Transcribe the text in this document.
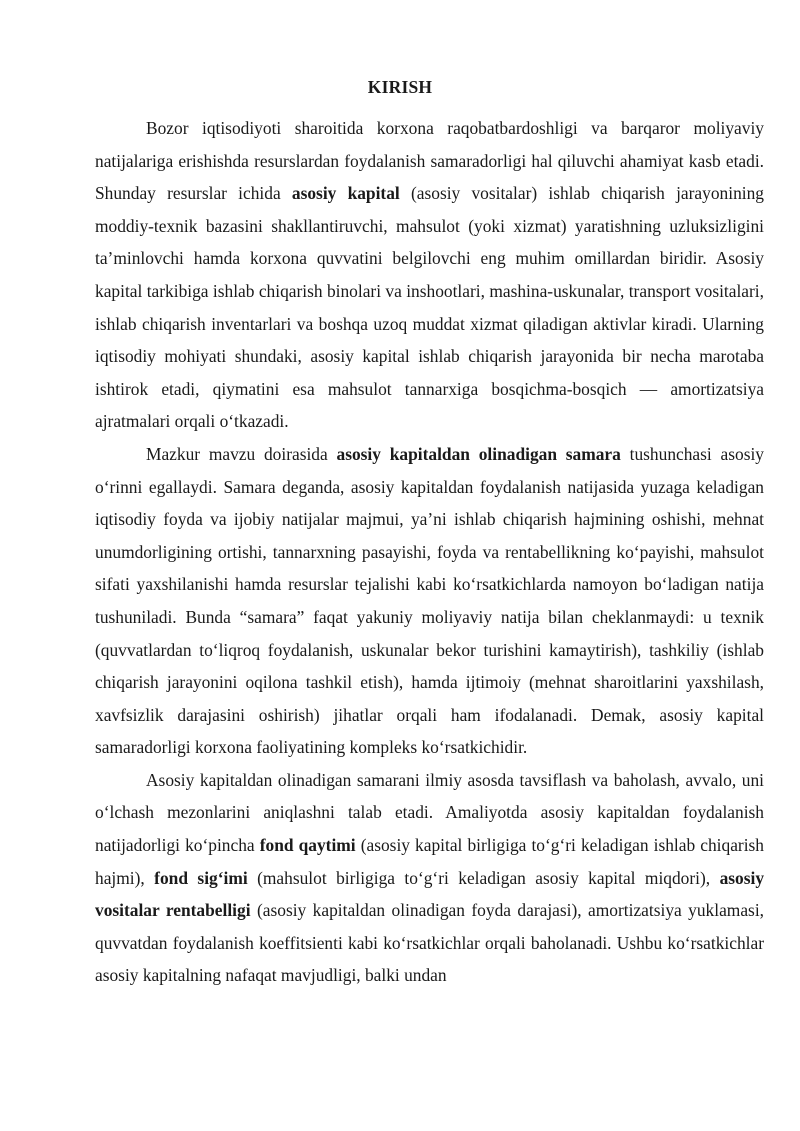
KIRISH

Bozor iqtisodiyoti sharoitida korxona raqobatbardoshligi va barqaror moliyaviy natijalariga erishishda resurslardan foydalanish samaradorligi hal qiluvchi ahamiyat kasb etadi. Shunday resurslar ichida asosiy kapital (asosiy vositalar) ishlab chiqarish jarayonining moddiy-texnik bazasini shakllantiruvchi, mahsulot (yoki xizmat) yaratishning uzluksizligini ta’minlovchi hamda korxona quvvatini belgilovchi eng muhim omillardan biridir. Asosiy kapital tarkibiga ishlab chiqarish binolari va inshootlari, mashina-uskunalar, transport vositalari, ishlab chiqarish inventarlari va boshqa uzoq muddat xizmat qiladigan aktivlar kiradi. Ularning iqtisodiy mohiyati shundaki, asosiy kapital ishlab chiqarish jarayonida bir necha marotaba ishtirok etadi, qiymatini esa mahsulot tannarxiga bosqichma-bosqich — amortizatsiya ajratmalari orqali o‘tkazadi.

Mazkur mavzu doirasida asosiy kapitaldan olinadigan samara tushunchasi asosiy o‘rinni egallaydi. Samara deganda, asosiy kapitaldan foydalanish natijasida yuzaga keladigan iqtisodiy foyda va ijobiy natijalar majmui, ya’ni ishlab chiqarish hajmining oshishi, mehnat unumdorligining ortishi, tannarxning pasayishi, foyda va rentabellikning ko‘payishi, mahsulot sifati yaxshilanishi hamda resurslar tejalishi kabi ko‘rsatkichlarda namoyon bo‘ladigan natija tushuniladi. Bunda “samara” faqat yakuniy moliyaviy natija bilan cheklanmaydi: u texnik (quvvatlardan to‘liqroq foydalanish, uskunalar bekor turishini kamaytirish), tashkiliy (ishlab chiqarish jarayonini oqilona tashkil etish), hamda ijtimoiy (mehnat sharoitlarini yaxshilash, xavfsizlik darajasini oshirish) jihatlar orqali ham ifodalanadi. Demak, asosiy kapital samaradorligi korxona faoliyatining kompleks ko‘rsatkichidir.

Asosiy kapitaldan olinadigan samarani ilmiy asosda tavsiflash va baholash, avvalo, uni o‘lchash mezonlarini aniqlashni talab etadi. Amaliyotda asosiy kapitaldan foydalanish natijadorligi ko‘pincha fond qaytimi (asosiy kapital birligiga to‘g‘ri keladigan ishlab chiqarish hajmi), fond sig‘imi (mahsulot birligiga to‘g‘ri keladigan asosiy kapital miqdori), asosiy vositalar rentabelligi (asosiy kapitaldan olinadigan foyda darajasi), amortizatsiya yuklamasi, quvvatdan foydalanish koeffitsienti kabi ko‘rsatkichlar orqali baholanadi. Ushbu ko‘rsatkichlar asosiy kapitalning nafaqat mavjudligi, balki undan
